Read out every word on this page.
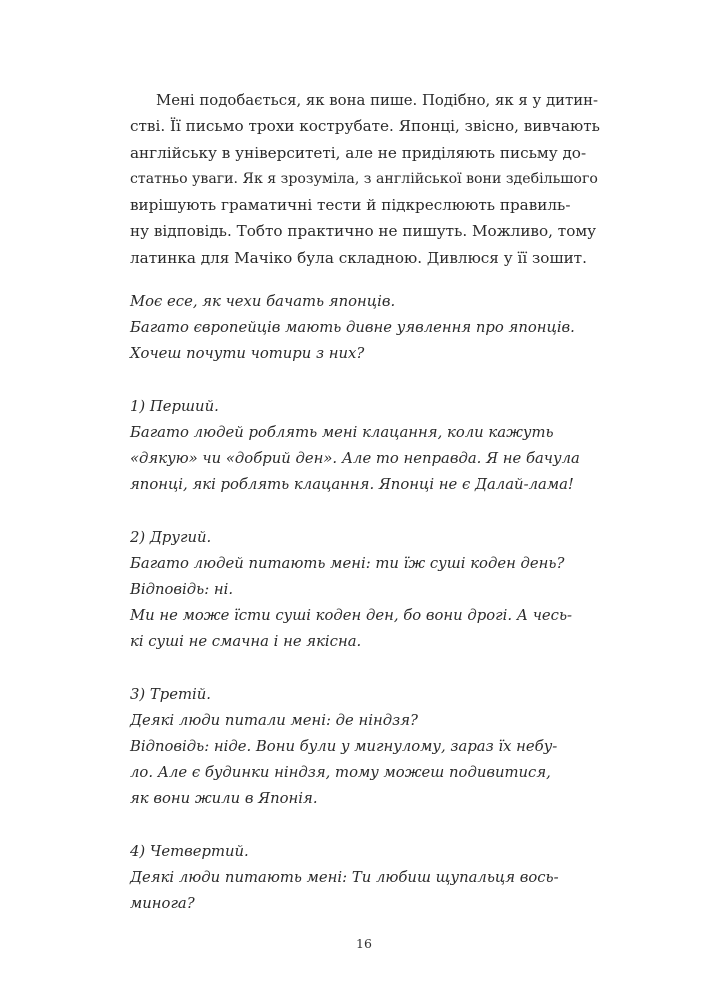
Мені подобається, як вона пише. Подібно, як я у дитин-
стві. Її письмо трохи кострубате. Японці, звісно, вивчають
англійську в університеті, але не приділяють письму до-
статньо уваги. Як я зрозуміла, з англійської вони здебільшого
вирішують граматичні тести й підкреслюють правиль-
ну відповідь. Тобто практично не пишуть. Можливо, тому
латинка для Мачіко була складною. Дивлюся у її зошит.

Моє есе, як чехи бачать японців.
Багато європейців мають дивне уявлення про японців.
Хочеш почути чотири з них?

1) Перший.
Багато людей роблять мені клацання, коли кажуть
«дякую» чи «добрий ден». Але то неправда. Я не бачула
японці, які роблять клацання. Японці не є Далай-лама!

2) Другий.
Багато людей питають мені: ти їж суші коден день?
Відповідь: ні.
Ми не може їсти суші коден ден, бо вони дрогі. А чесь-
кі суші не смачна і не якісна.

3) Третій.
Деякі люди питали мені: де ніндзя?
Відповідь: ніде. Вони були у мигнулому, зараз їх небу-
ло. Але є будинки ніндзя, тому можеш подивитися,
як вони жили в Японія.

4) Четвертий.
Деякі люди питають мені: Ти любиш щупальця вось-
минога?

16
